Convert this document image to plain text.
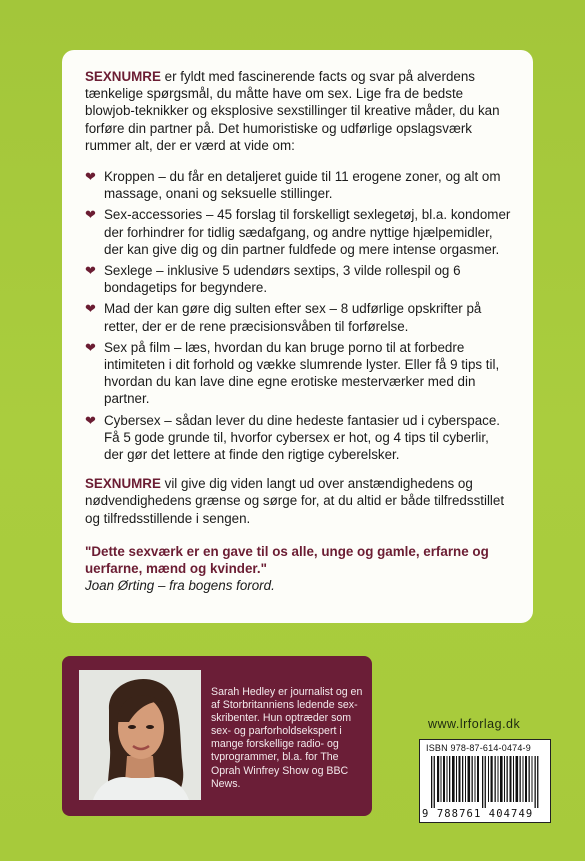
SEXNUMRE er fyldt med fascinerende facts og svar på alverdens tænkelige spørgsmål, du måtte have om sex. Lige fra de bedste blowjob-teknikker og eksplosive sexstillinger til kreative måder, du kan forføre din partner på. Det humoristiske og udførlige opslagsværk rummer alt, der er værd at vide om:

❤ Kroppen – du får en detaljeret guide til 11 erogene zoner, og alt om massage, onani og seksuelle stillinger.
❤ Sex-accessories – 45 forslag til forskelligt sexlegetøj, bl.a. kondomer der forhindrer for tidlig sædafgang, og andre nyttige hjælpemidler, der kan give dig og din partner fuldfede og mere intense orgasmer.
❤ Sexlege – inklusive 5 udendørs sextips, 3 vilde rollespil og 6 bondagetips for begyndere.
❤ Mad der kan gøre dig sulten efter sex – 8 udførlige opskrifter på retter, der er de rene præcisionsvåben til forførelse.
❤ Sex på film – læs, hvordan du kan bruge porno til at forbedre intimiteten i dit forhold og vække slumrende lyster. Eller få 9 tips til, hvordan du kan lave dine egne erotiske mesterværker med din partner.
❤ Cybersex – sådan lever du dine hedeste fantasier ud i cyberspace. Få 5 gode grunde til, hvorfor cybersex er hot, og 4 tips til cyberlir, der gør det lettere at finde den rigtige cyberelsker.

SEXNUMRE vil give dig viden langt ud over anstændighedens og nødvendighedens grænse og sørge for, at du altid er både tilfredsstillet og tilfredsstillende i sengen.

"Dette sexværk er en gave til os alle, unge og gamle, erfarne og uerfarne, mænd og kvinder."

Joan Ørting – fra bogens forord.

Sarah Hedley er journalist og en af Storbritanniens ledende sex-skribenter. Hun optræder som sex- og parforholdsekspert i mange forskellige radio- og tvprogrammer, bl.a. for The Oprah Winfrey Show og BBC News.

www.lrforlag.dk
ISBN 978-87-614-0474-9
9 788761 404749
